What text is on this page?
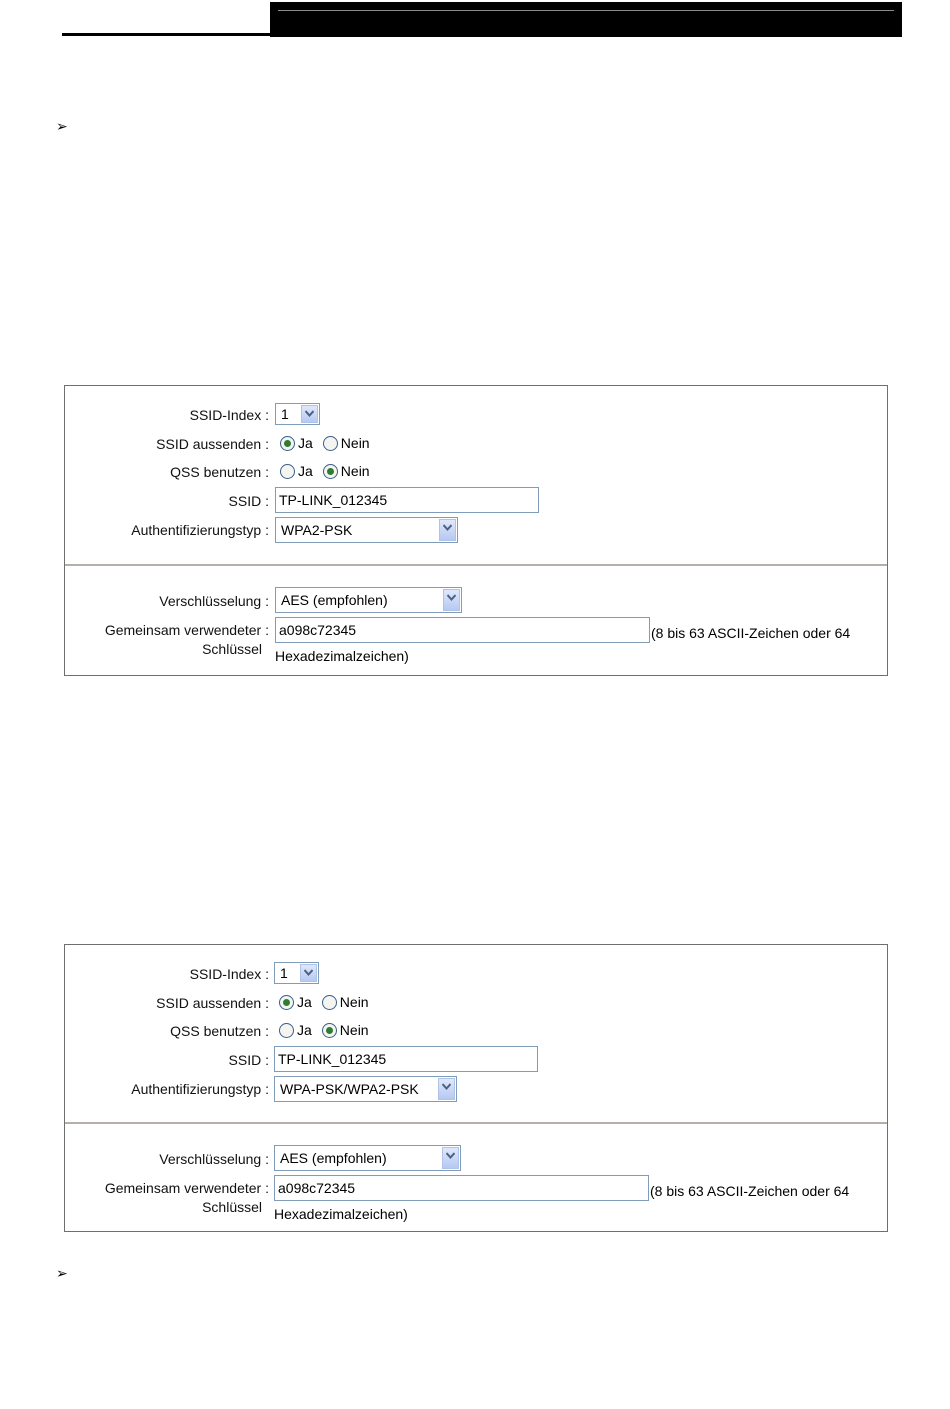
➢
SSID-Index : 1
SSID aussenden : Ja Nein
QSS benutzen : Ja Nein
SSID : TP-LINK_012345
Authentifizierungstyp : WPA2-PSK
Verschlüsselung : AES (empfohlen)
Gemeinsam verwendeter :
Schlüssel
a098c72345	(8 bis 63 ASCII-Zeichen oder 64
Hexadezimalzeichen)
SSID-Index : 1
SSID aussenden : Ja Nein
QSS benutzen : Ja Nein
SSID : TP-LINK_012345
Authentifizierungstyp : WPA-PSK/WPA2-PSK
Verschlüsselung : AES (empfohlen)
Gemeinsam verwendeter :
Schlüssel
a098c72345	(8 bis 63 ASCII-Zeichen oder 64
Hexadezimalzeichen)
➢
